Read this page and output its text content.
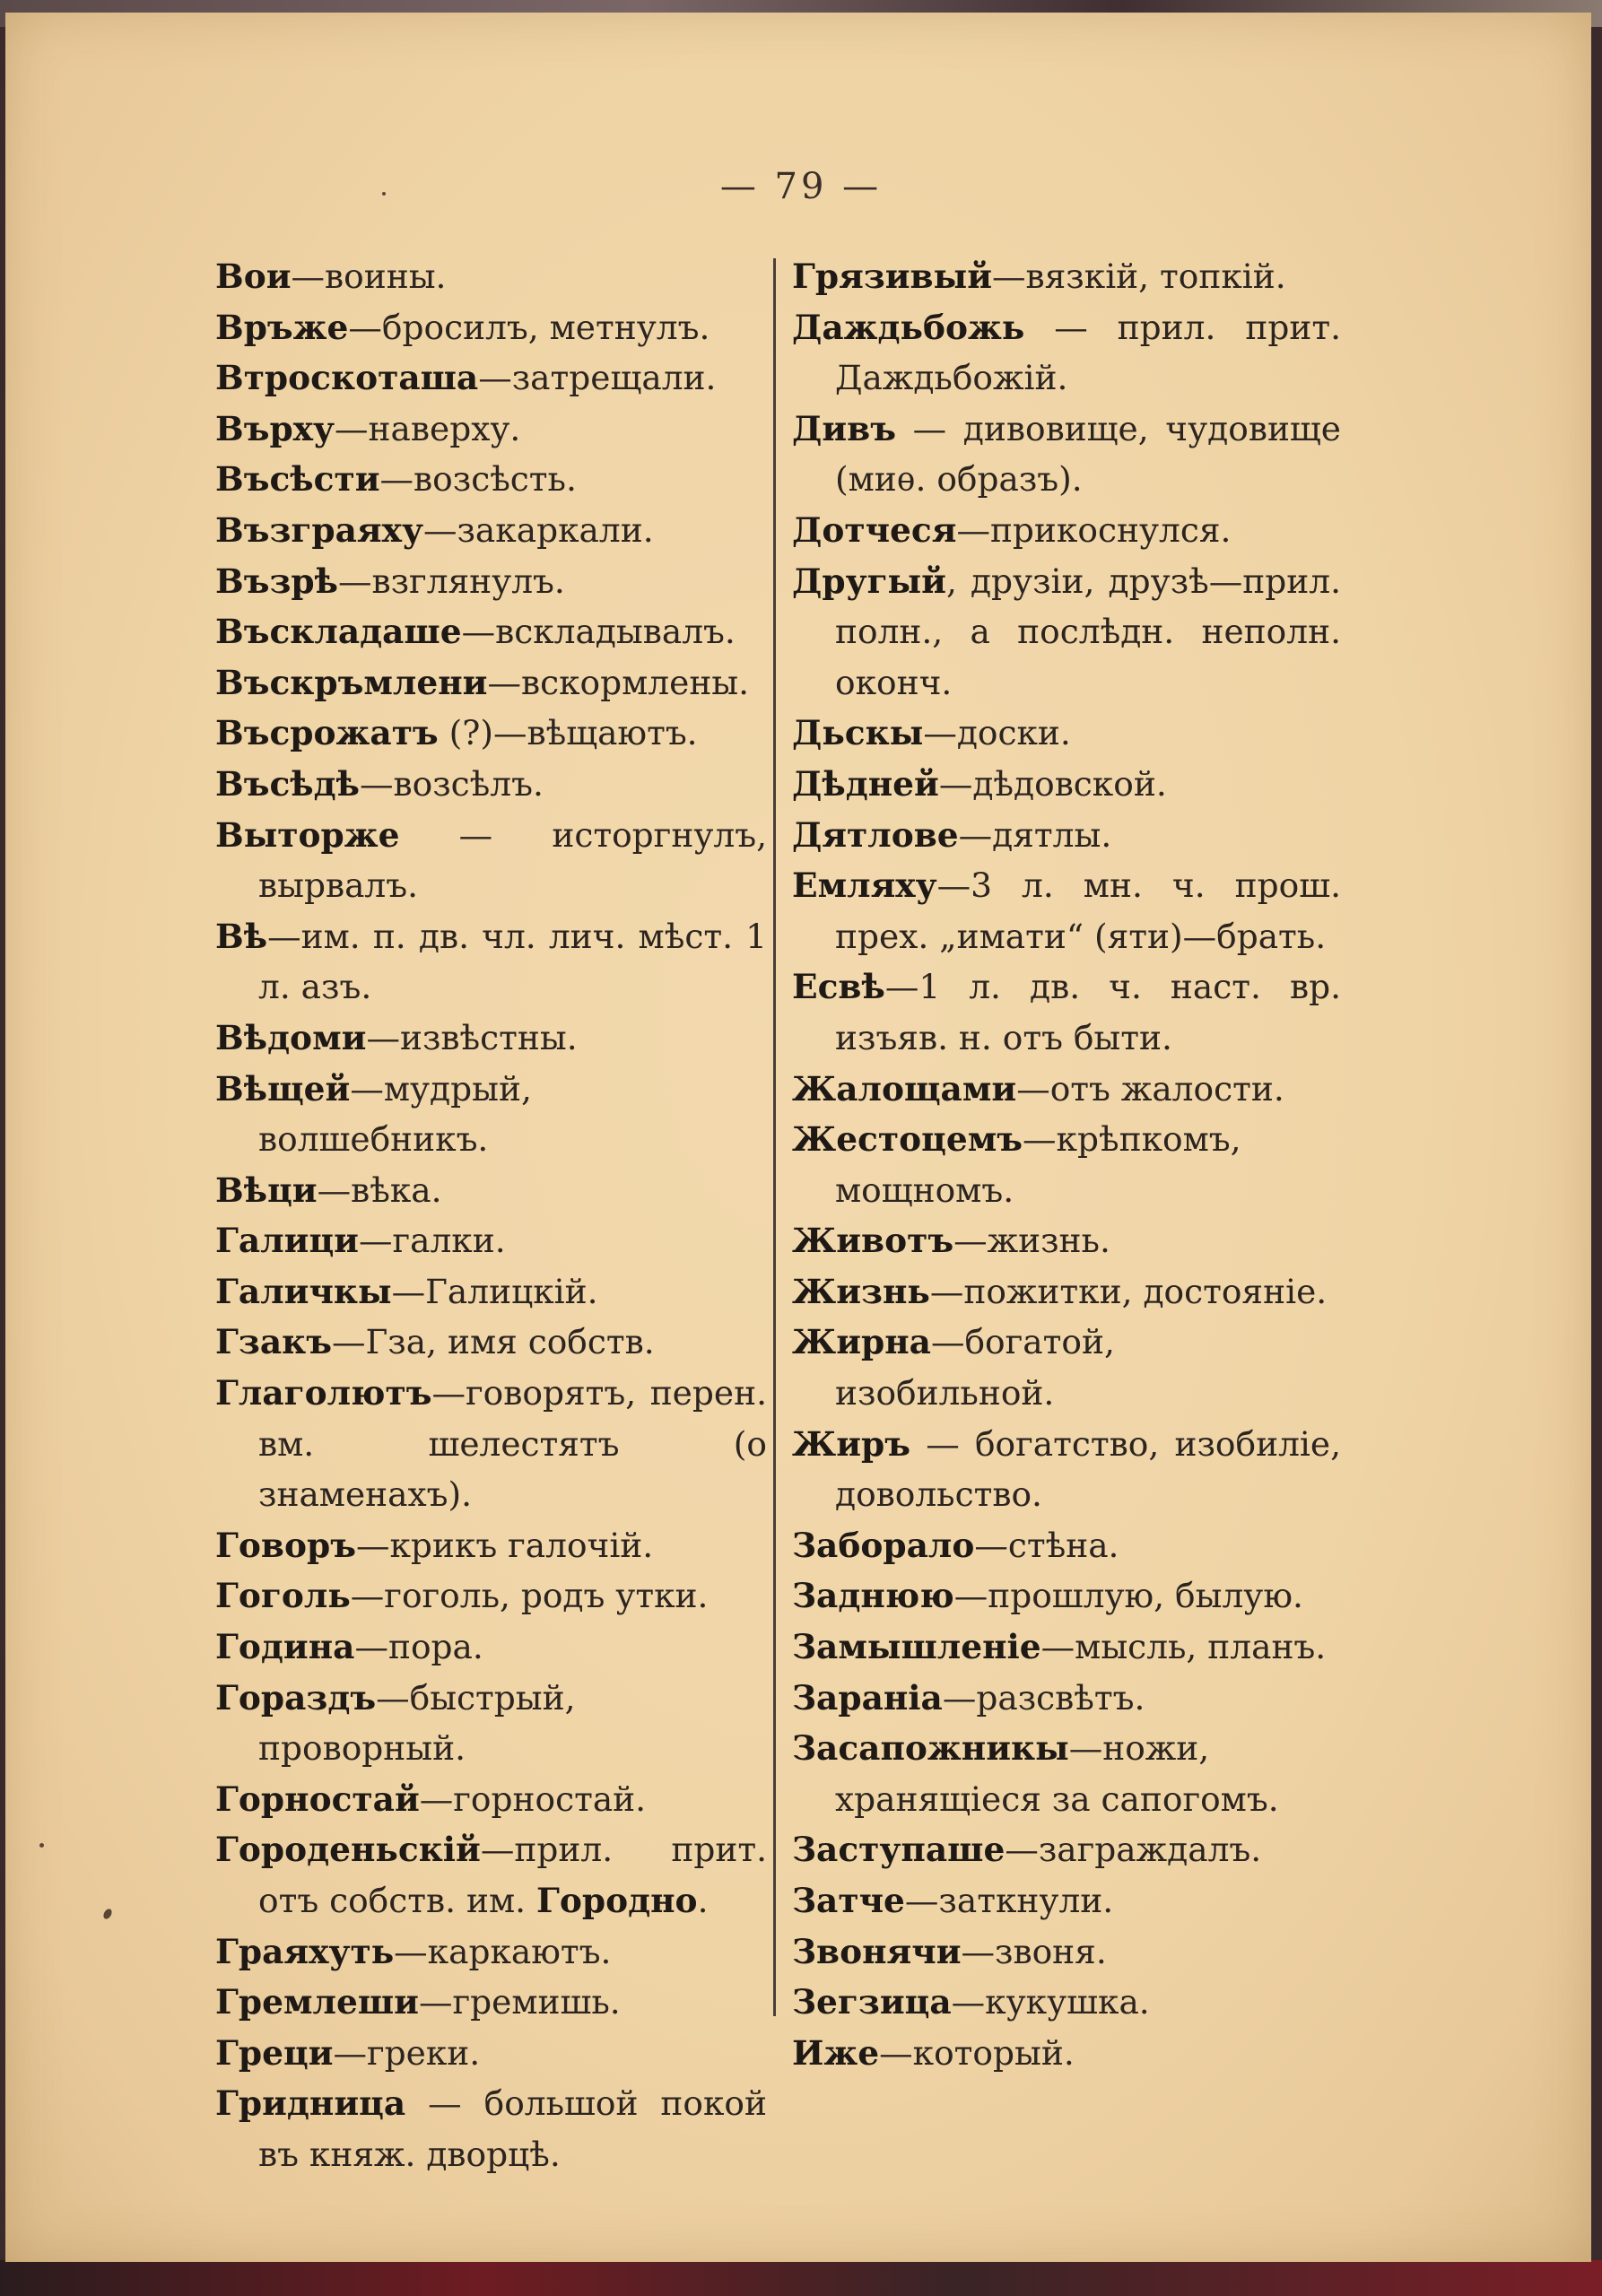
— 79 —
Вои—воины.
Връже—бросилъ, метнулъ.
Втроскоташа—затрещали.
Върху—наверху.
Въсѣсти—возсѣсть.
Възграяху—закаркали.
Възрѣ—взглянулъ.
Въскладаше—вскладывалъ.
Въскръмлени—вскормлены.
Въсрожатъ (?)—вѣщаютъ.
Въсѣдѣ—возсѣлъ.
Выторже — исторгнулъ, вырвалъ.
Вѣ—им. п. дв. чл. лич. мѣст. 1 л. азъ.
Вѣдоми—извѣстны.
Вѣщей—мудрый, волшебникъ.
Вѣци—вѣка.
Галици—галки.
Галичкы—Галицкій.
Гзакъ—Гза, имя собств.
Глаголютъ—говорятъ, перен. вм. шелестятъ (о знаменахъ).
Говоръ—крикъ галочій.
Гоголь—гоголь, родъ утки.
Година—пора.
Гораздъ—быстрый, проворный.
Горностай—горностай.
Городеньскій—прил. прит. отъ собств. им. Городно.
Граяхуть—каркаютъ.
Гремлеши—гремишь.
Греци—греки.
Гридница — большой покой въ княж. дворцѣ.
Грязивый—вязкій, топкій.
Даждьбожь — прил. прит. Даждьбожій.
Дивъ — дивовище, чудовище (миѳ. образъ).
Дотчеся—прикоснулся.
Другый, друзіи, друзѣ—прил. полн., а послѣдн. неполн. оконч.
Дьскы—доски.
Дѣдней—дѣдовской.
Дятлове—дятлы.
Емляху—3 л. мн. ч. прош. прех. „имати“ (яти)—брать.
Есвѣ—1 л. дв. ч. наст. вр. изъяв. н. отъ быти.
Жалощами—отъ жалости.
Жестоцемъ—крѣпкомъ, мощномъ.
Животъ—жизнь.
Жизнь—пожитки, достояніе.
Жирна—богатой, изобильной.
Жиръ — богатство, изобиліе, довольство.
Заборало—стѣна.
Заднюю—прошлую, былую.
Замышленіе—мысль, планъ.
Зараніа—разсвѣтъ.
Засапожникы—ножи, хранящіеся за сапогомъ.
Заступаше—заграждалъ.
Затче—заткнули.
Звонячи—звоня.
Зегзица—кукушка.
Иже—который.
